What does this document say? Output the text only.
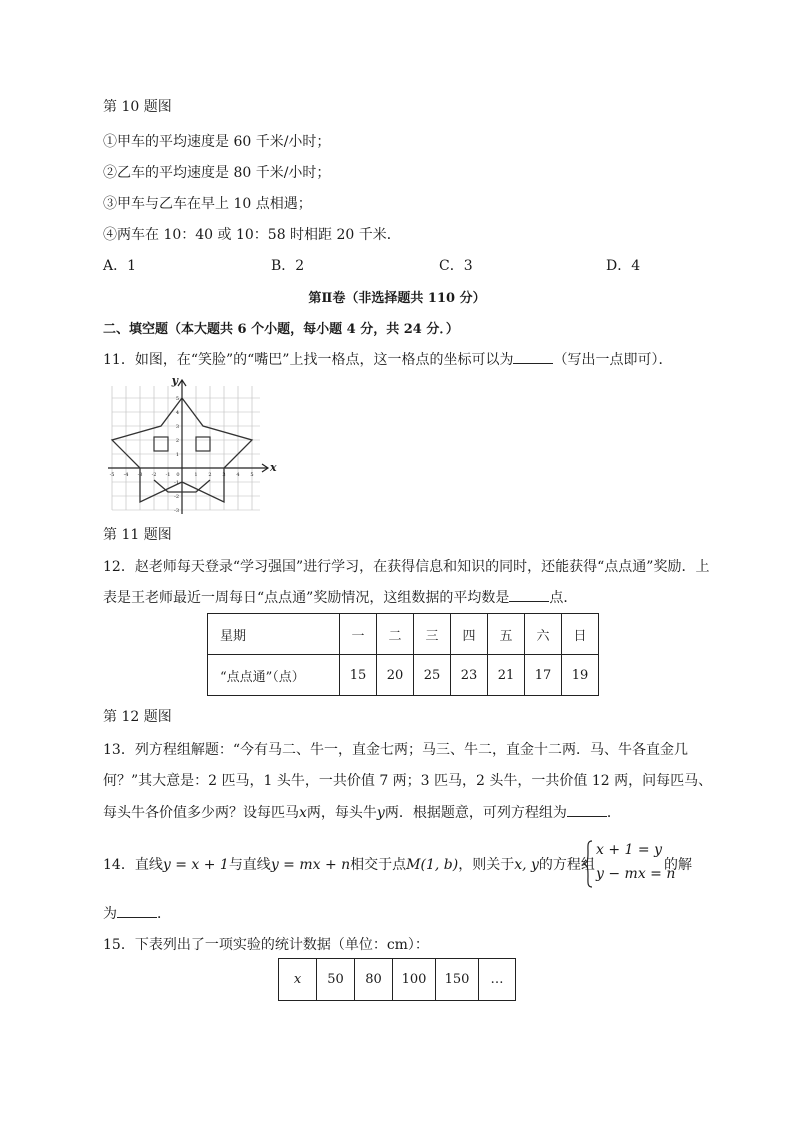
第 10 题图
①甲车的平均速度是 60 千米/小时；
②乙车的平均速度是 80 千米/小时；
③甲车与乙车在早上 10 点相遇；
④两车在 10：40 或 10：58 时相距 20 千米．
A．1	B．2	C．3	D．4
第Ⅱ卷（非选择题共 110 分）
二、填空题（本大题共 6 个小题，每小题 4 分，共 24 分．）
11．如图，在“笑脸”的“嘴巴”上找一格点，这一格点的坐标可以为	（写出一点即可）．
y
x
-5 -4 -3 -2 -1 0	1 2 3 4 5
5
4
3
2
1
-1
-2
-3
第 11 题图
12．赵老师每天登录“学习强国”进行学习，在获得信息和知识的同时，还能获得“点点通”奖励．上
表是王老师最近一周每日“点点通”奖励情况，这组数据的平均数是	点．
星期	一	二	三	四	五	六	日
“点点通”（点）	15	20	25	23	21	17	19
第 12 题图
13．列方程组解题：“今有马二、牛一，直金七两；马三、牛二，直金十二两．马、牛各直金几
何？”其大意是：2 匹马，1 头牛，一共价值 7 两；3 匹马，2 头牛，一共价值 12 两，问每匹马、
每头牛各价值多少两？设每匹马x两，每头牛y两．根据题意，可列方程组为	．
14．直线y = x + 1与直线y = mx + n相交于点M(1, b)，则关于x, y的方程组
x + 1 = y
y − mx = n
的解
为	．
15．下表列出了一项实验的统计数据（单位：cm）：
x	50	80	100	150	…
